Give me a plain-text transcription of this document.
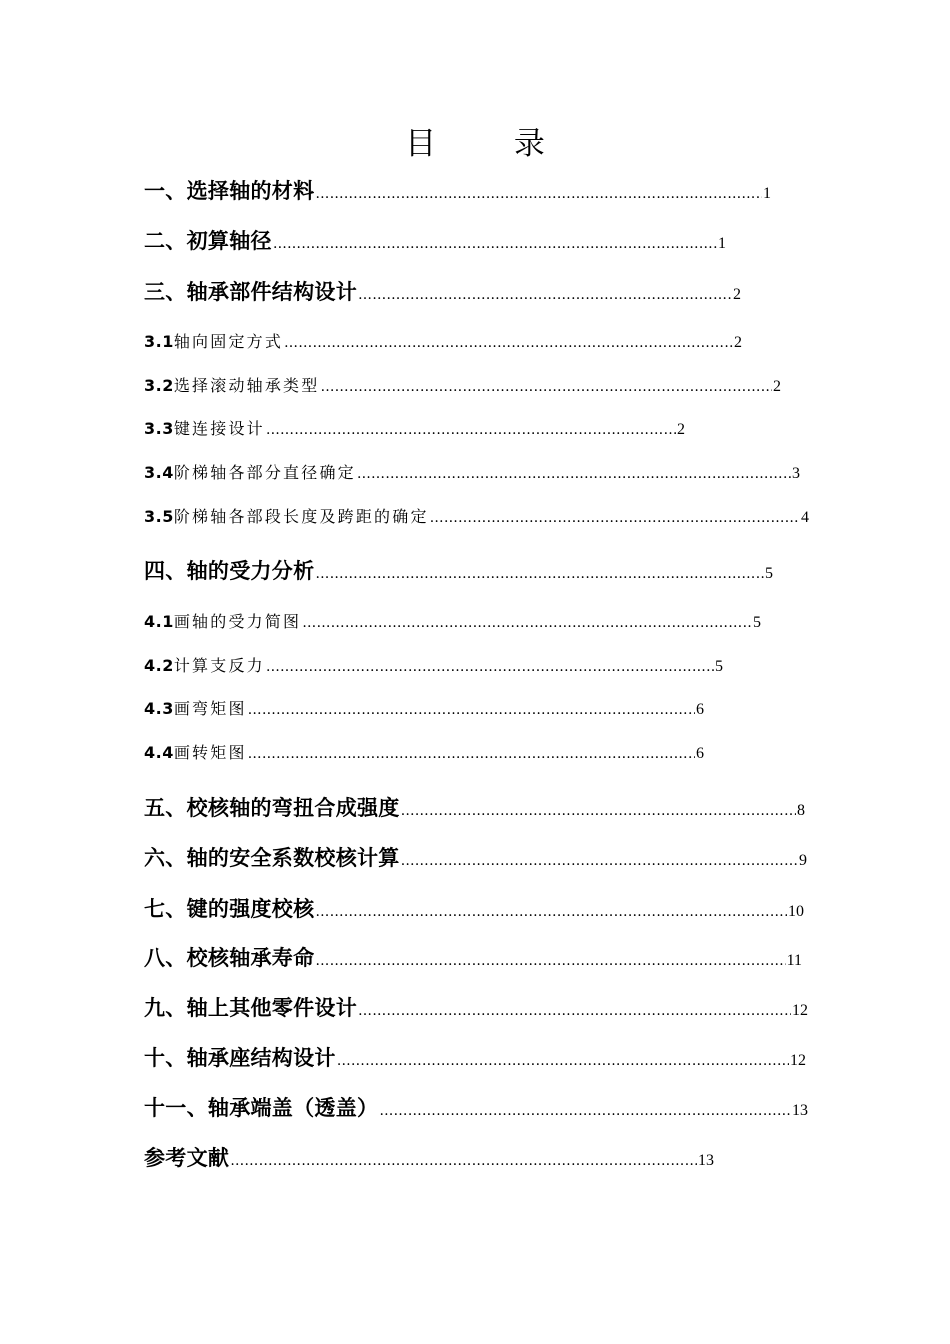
目 录
一、选择轴的材料 ……………………………………………………………………………………………………………………………………………………………………………………………………	1
二、初算轴径 ……………………………………………………………………………………………………………………………………………………………………………………………………	1
三、轴承部件结构设计 ……………………………………………………………………………………………………………………………………………………………………………………………………	2
3.1轴向固定方式 ……………………………………………………………………………………………………………………………………………………………………………………………………	2
3.2选择滚动轴承类型 ……………………………………………………………………………………………………………………………………………………………………………………………………	2
3.3键连接设计 ……………………………………………………………………………………………………………………………………………………………………………………………………	2
3.4阶梯轴各部分直径确定 ……………………………………………………………………………………………………………………………………………………………………………………………………	3
3.5阶梯轴各部段长度及跨距的确定 ……………………………………………………………………………………………………………………………………………………………………………………………………	4
四、轴的受力分析 ……………………………………………………………………………………………………………………………………………………………………………………………………	5
4.1画轴的受力简图 ……………………………………………………………………………………………………………………………………………………………………………………………………	5
4.2计算支反力 ……………………………………………………………………………………………………………………………………………………………………………………………………	5
4.3画弯矩图 ……………………………………………………………………………………………………………………………………………………………………………………………………	6
4.4画转矩图 ……………………………………………………………………………………………………………………………………………………………………………………………………	6
五、校核轴的弯扭合成强度 ……………………………………………………………………………………………………………………………………………………………………………………………………	8
六、轴的安全系数校核计算 ……………………………………………………………………………………………………………………………………………………………………………………………………	9
七、键的强度校核 ……………………………………………………………………………………………………………………………………………………………………………………………………	10
八、校核轴承寿命 ……………………………………………………………………………………………………………………………………………………………………………………………………	11
九、轴上其他零件设计 ……………………………………………………………………………………………………………………………………………………………………………………………………	12
十、轴承座结构设计 ……………………………………………………………………………………………………………………………………………………………………………………………………	12
十一、轴承端盖（透盖） ……………………………………………………………………………………………………………………………………………………………………………………………………	13
参考文献 ……………………………………………………………………………………………………………………………………………………………………………………………………	13
